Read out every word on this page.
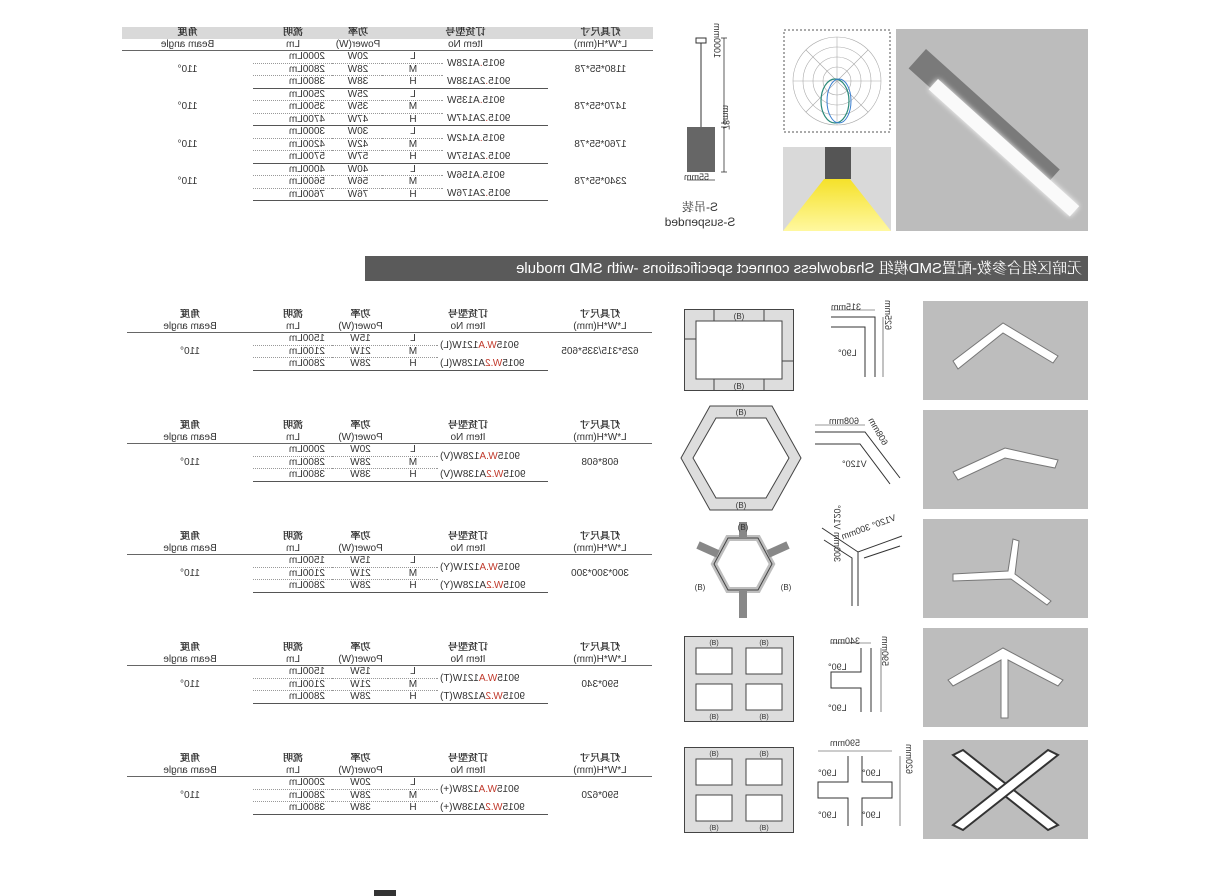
灯具尺寸	订货型号		功率	流明	角度
L*W*H(mm)	Item No		Power(W)	Lm	Beam angle
1180*55*78	9015.A128W	L	20W	2000Lm	110°
		M	28W	2800Lm	
	9015.2A138W	H	38W	3800Lm	
1470*55*78	9015.A135W	L	25W	2500Lm	110°
		M	35W	3500Lm	
	9015.2A147W	H	47W	4700Lm	
1760*55*78	9015.A142W	L	30W	3000Lm	110°
		M	42W	4200Lm	
	9015.2A157W	H	57W	5700Lm	
2340*55*78	9015.A156W	L	40W	4000Lm	110°
		M	56W	5600Lm	
	9015.2A176W	H	76W	7600Lm	
1000mm
78mm
55mm
S-吊装
S-suspended
无暗区组合参数-配置SMD模组 Shadowless connect specifications -with SMD module
灯具尺寸	订货型号		功率	流明	角度
L*W*H(mm)	Item No		Power(W)	Lm	Beam angle
625*315/335*605	9015W.A121W(L)	L	15W	1500Lm	110°
		M	21W	2100Lm	
	9015W.2A128W(L)	H	28W	2800Lm	
灯具尺寸	订货型号		功率	流明	角度
L*W*H(mm)	Item No		Power(W)	Lm	Beam angle
608*608	9015W.A128W(V)	L	20W	2000Lm	110°
		M	28W	2800Lm	
	9015W.2A138W(V)	H	38W	3800Lm	
灯具尺寸	订货型号		功率	流明	角度
L*W*H(mm)	Item No		Power(W)	Lm	Beam angle
300*300*300	9015W.A121W(Y)	L	15W	1500Lm	110°
		M	21W	2100Lm	
	9015W.2A128W(Y)	H	28W	2800Lm	
灯具尺寸	订货型号		功率	流明	角度
L*W*H(mm)	Item No		Power(W)	Lm	Beam angle
590*340	9015W.A121W(T)	L	15W	1500Lm	110°
		M	21W	2100Lm	
	9015W.2A128W(T)	H	28W	2800Lm	
灯具尺寸	订货型号		功率	流明	角度
L*W*H(mm)	Item No		Power(W)	Lm	Beam angle
590*620	9015W.A128W(+)	L	20W	2000Lm	110°
		M	28W	2800Lm	
	9015W.2A138W(+)	H	38W	3800Lm	
(B)
(B)
315mm 625mm
L90°
(B)
(B)
608mm 608mm
V120°
(B)
(B)	(B)
V120° 300mm
300mm V120°
(B)	(B)
(B)	(B)
340mm 590mm
L90°
L90°
(B)	(B)
(B)	(B)
590mm
620mm
L90°	L90°
L90°	L90°
